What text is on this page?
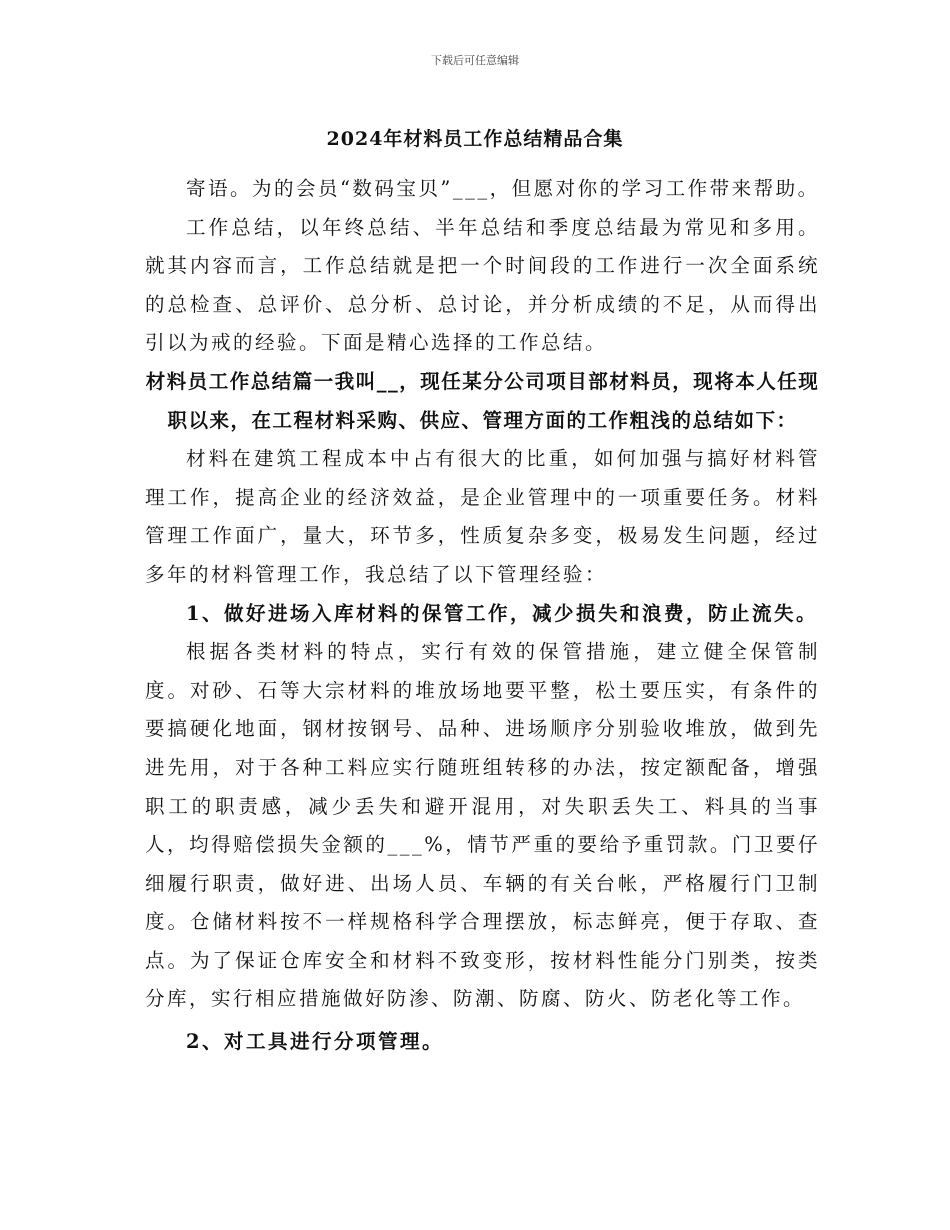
下载后可任意编辑
2024年材料员工作总结精品合集

寄语。为的会员“数码宝贝”___，但愿对你的学习工作带来帮助。

工作总结，以年终总结、半年总结和季度总结最为常见和多用。就其内容而言，工作总结就是把一个时间段的工作进行一次全面系统的总检查、总评价、总分析、总讨论，并分析成绩的不足，从而得出引以为戒的经验。下面是精心选择的工作总结。

材料员工作总结篇一我叫__，现任某分公司项目部材料员，现将本人任现职以来，在工程材料采购、供应、管理方面的工作粗浅的总结如下：

材料在建筑工程成本中占有很大的比重，如何加强与搞好材料管理工作，提高企业的经济效益，是企业管理中的一项重要任务。材料管理工作面广，量大，环节多，性质复杂多变，极易发生问题，经过多年的材料管理工作，我总结了以下管理经验：

1、做好进场入库材料的保管工作，减少损失和浪费，防止流失。

根据各类材料的特点，实行有效的保管措施，建立健全保管制度。对砂、石等大宗材料的堆放场地要平整，松土要压实，有条件的要搞硬化地面，钢材按钢号、品种、进场顺序分别验收堆放，做到先进先用，对于各种工料应实行随班组转移的办法，按定额配备，增强职工的职责感，减少丢失和避开混用，对失职丢失工、料具的当事人，均得赔偿损失金额的___%，情节严重的要给予重罚款。门卫要仔细履行职责，做好进、出场人员、车辆的有关台帐，严格履行门卫制度。仓储材料按不一样规格科学合理摆放，标志鲜亮，便于存取、查点。为了保证仓库安全和材料不致变形，按材料性能分门别类，按类分库，实行相应措施做好防渗、防潮、防腐、防火、防老化等工作。

2、对工具进行分项管理。
